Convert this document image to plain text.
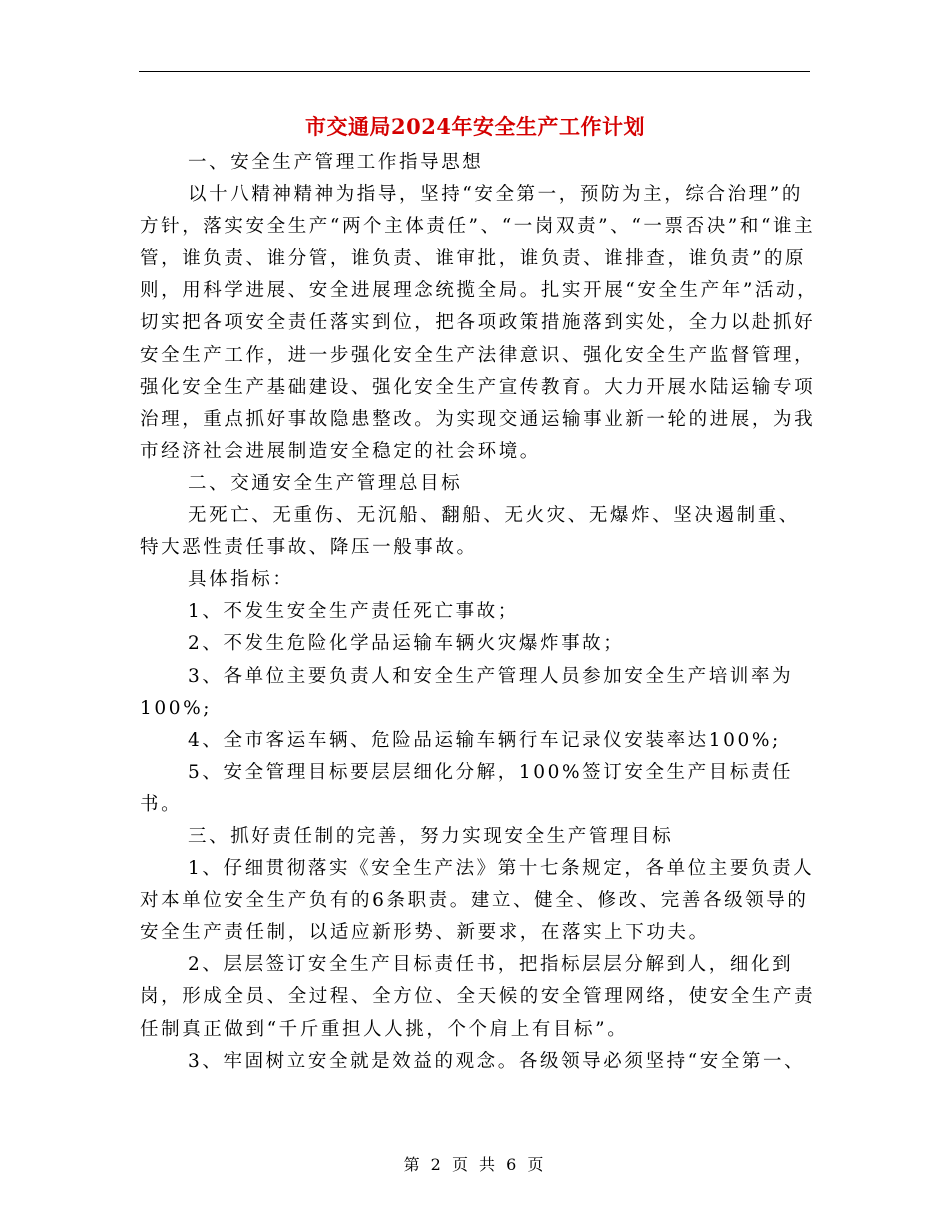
市交通局2024年安全生产工作计划

一、安全生产管理工作指导思想

以十八精神精神为指导，坚持“安全第一，预防为主，综合治理”的方针，落实安全生产“两个主体责任”、“一岗双责”、“一票否决”和“谁主管，谁负责、谁分管，谁负责、谁审批，谁负责、谁排查，谁负责”的原则，用科学进展、安全进展理念统揽全局。扎实开展“安全生产年”活动，切实把各项安全责任落实到位，把各项政策措施落到实处，全力以赴抓好安全生产工作，进一步强化安全生产法律意识、强化安全生产监督管理，强化安全生产基础建设、强化安全生产宣传教育。大力开展水陆运输专项治理，重点抓好事故隐患整改。为实现交通运输事业新一轮的进展，为我市经济社会进展制造安全稳定的社会环境。

二、交通安全生产管理总目标

无死亡、无重伤、无沉船、翻船、无火灾、无爆炸、坚决遏制重、特大恶性责任事故、降压一般事故。

具体指标：

1、不发生安全生产责任死亡事故；

2、不发生危险化学品运输车辆火灾爆炸事故；

3、各单位主要负责人和安全生产管理人员参加安全生产培训率为100%;

4、全市客运车辆、危险品运输车辆行车记录仪安装率达100%;

5、安全管理目标要层层细化分解，100%签订安全生产目标责任书。

三、抓好责任制的完善，努力实现安全生产管理目标

1、仔细贯彻落实《安全生产法》第十七条规定，各单位主要负责人对本单位安全生产负有的6条职责。建立、健全、修改、完善各级领导的安全生产责任制，以适应新形势、新要求，在落实上下功夫。

2、层层签订安全生产目标责任书，把指标层层分解到人，细化到岗，形成全员、全过程、全方位、全天候的安全管理网络，使安全生产责任制真正做到“千斤重担人人挑，个个肩上有目标”。

3、牢固树立安全就是效益的观念。各级领导必须坚持“安全第一、

第 2 页 共 6 页
